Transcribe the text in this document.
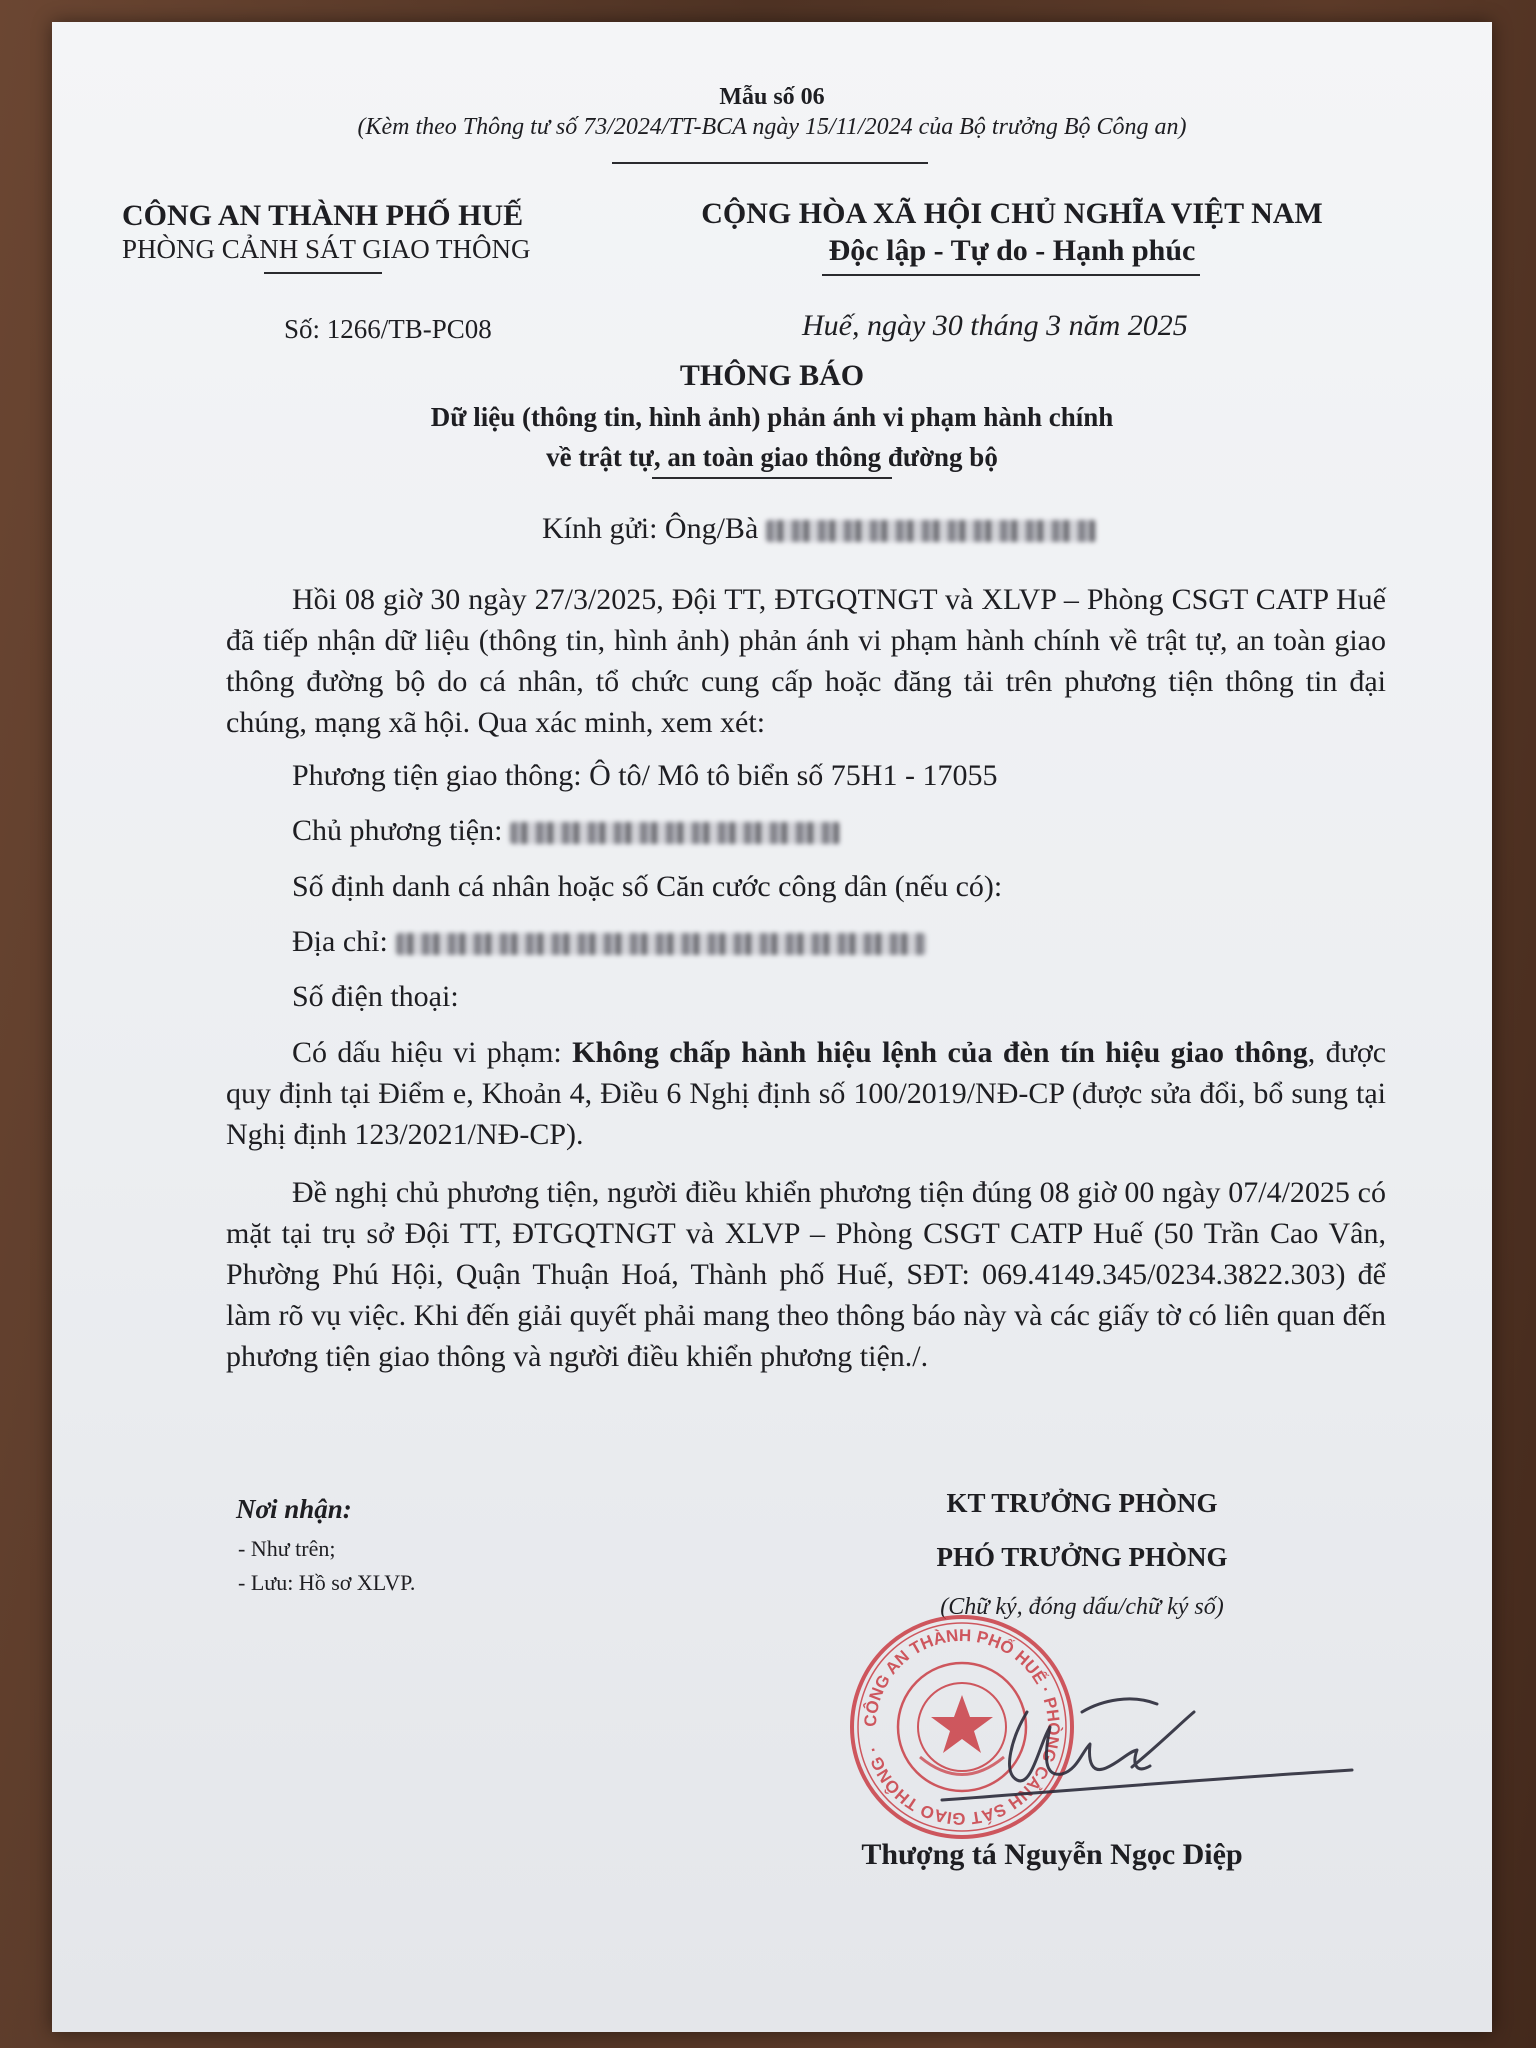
Mẫu số 06
(Kèm theo Thông tư số 73/2024/TT-BCA ngày 15/11/2024 của Bộ trưởng Bộ Công an)
CÔNG AN THÀNH PHỐ HUẾ
PHÒNG CẢNH SÁT GIAO THÔNG
CỘNG HÒA XÃ HỘI CHỦ NGHĨA VIỆT NAM
Độc lập - Tự do - Hạnh phúc
Số: 1266/TB-PC08	Huế, ngày 30 tháng 3 năm 2025
THÔNG BÁO
Dữ liệu (thông tin, hình ảnh) phản ánh vi phạm hành chính
về trật tự, an toàn giao thông đường bộ
Kính gửi: Ông/Bà
Hồi 08 giờ 30 ngày 27/3/2025, Đội TT, ĐTGQTNGT và XLVP – Phòng CSGT CATP Huế đã tiếp nhận dữ liệu (thông tin, hình ảnh) phản ánh vi phạm hành chính về trật tự, an toàn giao thông đường bộ do cá nhân, tổ chức cung cấp hoặc đăng tải trên phương tiện thông tin đại chúng, mạng xã hội. Qua xác minh, xem xét:
Phương tiện giao thông: Ô tô/ Mô tô biển số 75H1 - 17055
Chủ phương tiện:
Số định danh cá nhân hoặc số Căn cước công dân (nếu có):
Địa chỉ:
Số điện thoại:
Có dấu hiệu vi phạm: Không chấp hành hiệu lệnh của đèn tín hiệu giao thông, được quy định tại Điểm e, Khoản 4, Điều 6 Nghị định số 100/2019/NĐ-CP (được sửa đổi, bổ sung tại Nghị định 123/2021/NĐ-CP).
Đề nghị chủ phương tiện, người điều khiển phương tiện đúng 08 giờ 00 ngày 07/4/2025 có mặt tại trụ sở Đội TT, ĐTGQTNGT và XLVP – Phòng CSGT CATP Huế (50 Trần Cao Vân, Phường Phú Hội, Quận Thuận Hoá, Thành phố Huế, SĐT: 069.4149.345/0234.3822.303) để làm rõ vụ việc. Khi đến giải quyết phải mang theo thông báo này và các giấy tờ có liên quan đến phương tiện giao thông và người điều khiển phương tiện./.
Nơi nhận:
- Như trên;
- Lưu: Hồ sơ XLVP.
KT TRƯỞNG PHÒNG
PHÓ TRƯỞNG PHÒNG
(Chữ ký, đóng dấu/chữ ký số)
CÔNG AN THÀNH PHỐ HUẾ · PHÒNG CẢNH SÁT GIAO THÔNG ·
Thượng tá Nguyễn Ngọc Diệp
